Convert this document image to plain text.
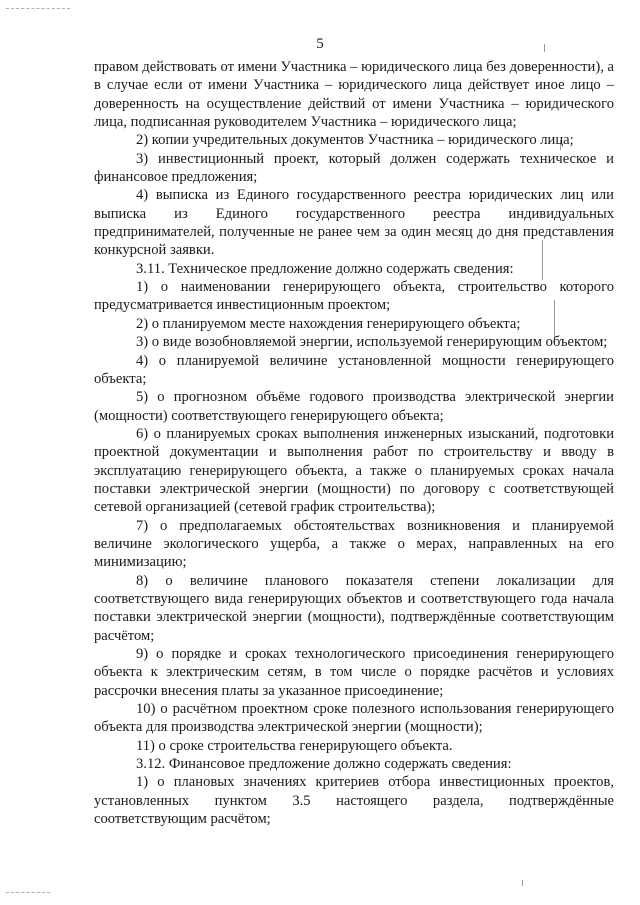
5

правом действовать от имени Участника – юридического лица без доверенности), а в случае если от имени Участника – юридического лица действует иное лицо – доверенность на осуществление действий от имени Участника – юридического лица, подписанная руководителем Участника – юридического лица;

2) копии учредительных документов Участника – юридического лица;

3) инвестиционный проект, который должен содержать техническое и финансовое предложения;

4) выписка из Единого государственного реестра юридических лиц или выписка из Единого государственного реестра индивидуальных предпринимателей, полученные не ранее чем за один месяц до дня представления конкурсной заявки.

3.11. Техническое предложение должно содержать сведения:

1) о наименовании генерирующего объекта, строительство которого предусматривается инвестиционным проектом;

2) о планируемом месте нахождения генерирующего объекта;

3) о виде возобновляемой энергии, используемой генерирующим объектом;

4) о планируемой величине установленной мощности генерирующего объекта;

5) о прогнозном объёме годового производства электрической энергии (мощности) соответствующего генерирующего объекта;

6) о планируемых сроках выполнения инженерных изысканий, подготовки проектной документации и выполнения работ по строительству и вводу в эксплуатацию генерирующего объекта, а также о планируемых сроках начала поставки электрической энергии (мощности) по договору с соответствующей сетевой организацией (сетевой график строительства);

7) о предполагаемых обстоятельствах возникновения и планируемой величине экологического ущерба, а также о мерах, направленных на его минимизацию;

8) о величине планового показателя степени локализации для соответствующего вида генерирующих объектов и соответствующего года начала поставки электрической энергии (мощности), подтверждённые соответствующим расчётом;

9) о порядке и сроках технологического присоединения генерирующего объекта к электрическим сетям, в том числе о порядке расчётов и условиях рассрочки внесения платы за указанное присоединение;

10) о расчётном проектном сроке полезного использования генерирующего объекта для производства электрической энергии (мощности);

11) о сроке строительства генерирующего объекта.

3.12. Финансовое предложение должно содержать сведения:

1) о плановых значениях критериев отбора инвестиционных проектов, установленных пунктом 3.5 настоящего раздела, подтверждённые соответствующим расчётом;
